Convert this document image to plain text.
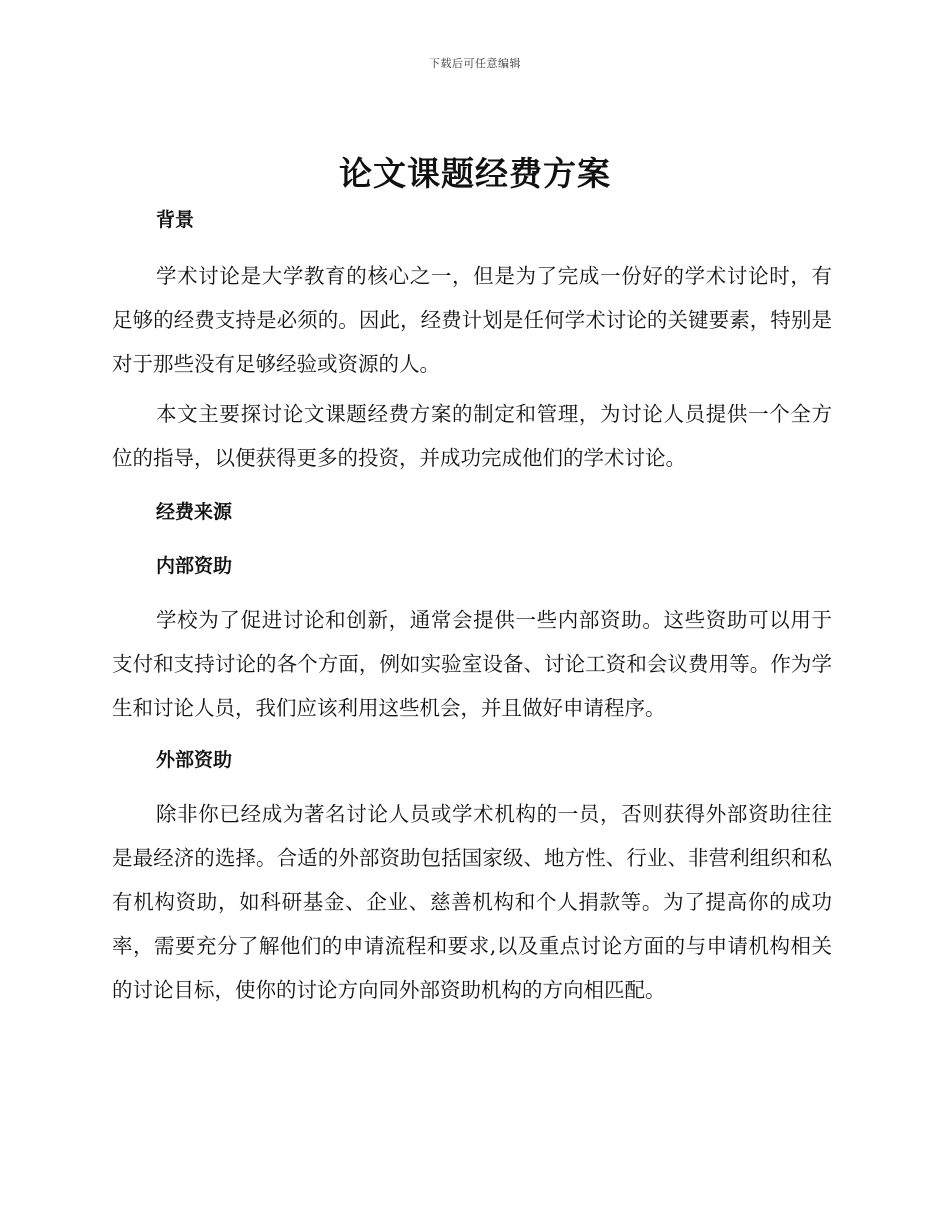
下载后可任意编辑
论文课题经费方案
背景

学术讨论是大学教育的核心之一，但是为了完成一份好的学术讨论时，有足够的经费支持是必须的。因此，经费计划是任何学术讨论的关键要素，特别是对于那些没有足够经验或资源的人。

本文主要探讨论文课题经费方案的制定和管理，为讨论人员提供一个全方位的指导，以便获得更多的投资，并成功完成他们的学术讨论。

经费来源
内部资助

学校为了促进讨论和创新，通常会提供一些内部资助。这些资助可以用于支付和支持讨论的各个方面，例如实验室设备、讨论工资和会议费用等。作为学生和讨论人员，我们应该利用这些机会，并且做好申请程序。

外部资助

除非你已经成为著名讨论人员或学术机构的一员，否则获得外部资助往往是最经济的选择。合适的外部资助包括国家级、地方性、行业、非营利组织和私有机构资助，如科研基金、企业、慈善机构和个人捐款等。为了提高你的成功率，需要充分了解他们的申请流程和要求,以及重点讨论方面的与申请机构相关的讨论目标，使你的讨论方向同外部资助机构的方向相匹配。
